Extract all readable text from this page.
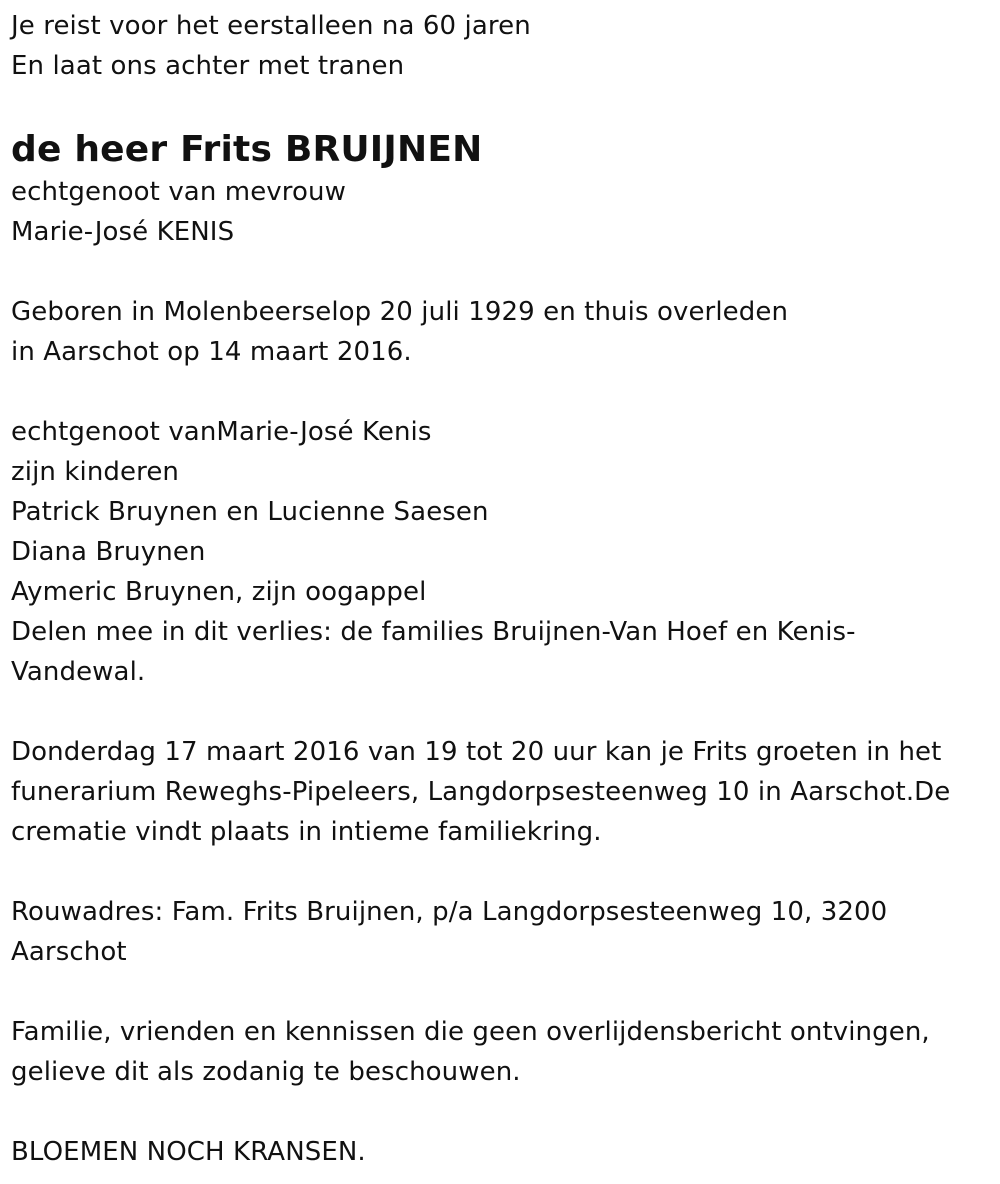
Je reist voor het eerstalleen na 60 jaren

En laat ons achter met tranen

de heer Frits BRUIJNEN

echtgenoot van mevrouw

Marie-José KENIS

Geboren in Molenbeerselop 20 juli 1929 en thuis overleden

in Aarschot op 14 maart 2016.

echtgenoot vanMarie-José Kenis

zijn kinderen

Patrick Bruynen en Lucienne Saesen

Diana Bruynen

Aymeric Bruynen, zijn oogappel

Delen mee in dit verlies: de families Bruijnen-Van Hoef en Kenis-

Vandewal.

Donderdag 17 maart 2016 van 19 tot 20 uur kan je Frits groeten in het

funerarium Reweghs-Pipeleers, Langdorpsesteenweg 10 in Aarschot.De

crematie vindt plaats in intieme familiekring.

Rouwadres: Fam. Frits Bruijnen, p/a Langdorpsesteenweg 10, 3200

Aarschot

Familie, vrienden en kennissen die geen overlijdensbericht ontvingen,

gelieve dit als zodanig te beschouwen.

BLOEMEN NOCH KRANSEN.
